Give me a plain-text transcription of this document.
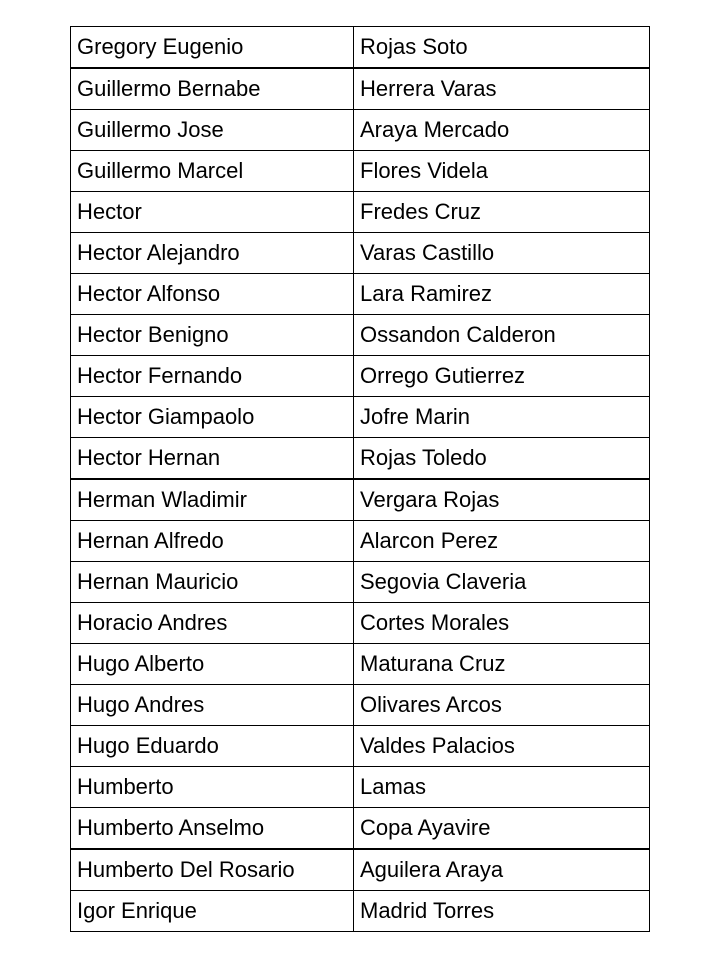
Gregory Eugenio	Rojas Soto
Guillermo Bernabe	Herrera Varas
Guillermo Jose	Araya Mercado
Guillermo Marcel	Flores Videla
Hector	Fredes Cruz
Hector Alejandro	Varas Castillo
Hector Alfonso	Lara Ramirez
Hector Benigno	Ossandon Calderon
Hector Fernando	Orrego Gutierrez
Hector Giampaolo	Jofre Marin
Hector Hernan	Rojas Toledo
Herman Wladimir	Vergara Rojas
Hernan Alfredo	Alarcon Perez
Hernan Mauricio	Segovia Claveria
Horacio Andres	Cortes Morales
Hugo Alberto	Maturana Cruz
Hugo Andres	Olivares Arcos
Hugo Eduardo	Valdes Palacios
Humberto	Lamas
Humberto Anselmo	Copa Ayavire
Humberto Del Rosario	Aguilera Araya
Igor Enrique	Madrid Torres
